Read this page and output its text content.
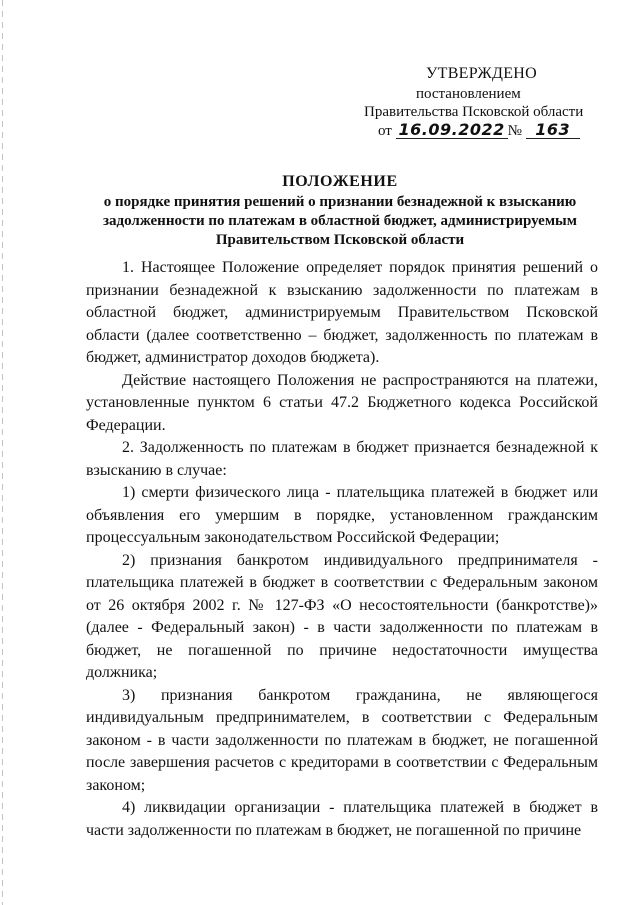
УТВЕРЖДЕНО
постановлением
Правительства Псковской области
от 16.09.2022 № 163
ПОЛОЖЕНИЕ
о порядке принятия решений о признании безнадежной к взысканию
задолженности по платежам в областной бюджет, администрируемым
Правительством Псковской области

1. Настоящее Положение определяет порядок принятия решений о признании безнадежной к взысканию задолженности по платежам в областной бюджет, администрируемым Правительством Псковской области (далее соответственно – бюджет, задолженность по платежам в бюджет, администратор доходов бюджета).

Действие настоящего Положения не распространяются на платежи, установленные пунктом 6 статьи 47.2 Бюджетного кодекса Российской Федерации.

2. Задолженность по платежам в бюджет признается безнадежной к взысканию в случае:

1) смерти физического лица - плательщика платежей в бюджет или объявления его умершим в порядке, установленном гражданским процессуальным законодательством Российской Федерации;

2) признания банкротом индивидуального предпринимателя - плательщика платежей в бюджет в соответствии с Федеральным законом от 26 октября 2002 г. № 127-ФЗ «О несостоятельности (банкротстве)» (далее - Федеральный закон) - в части задолженности по платежам в бюджет, не погашенной по причине недостаточности имущества должника;

3) признания банкротом гражданина, не являющегося индивидуальным предпринимателем, в соответствии с Федеральным законом - в части задолженности по платежам в бюджет, не погашенной после завершения расчетов с кредиторами в соответствии с Федеральным законом;

4) ликвидации организации - плательщика платежей в бюджет в части задолженности по платежам в бюджет, не погашенной по причине
